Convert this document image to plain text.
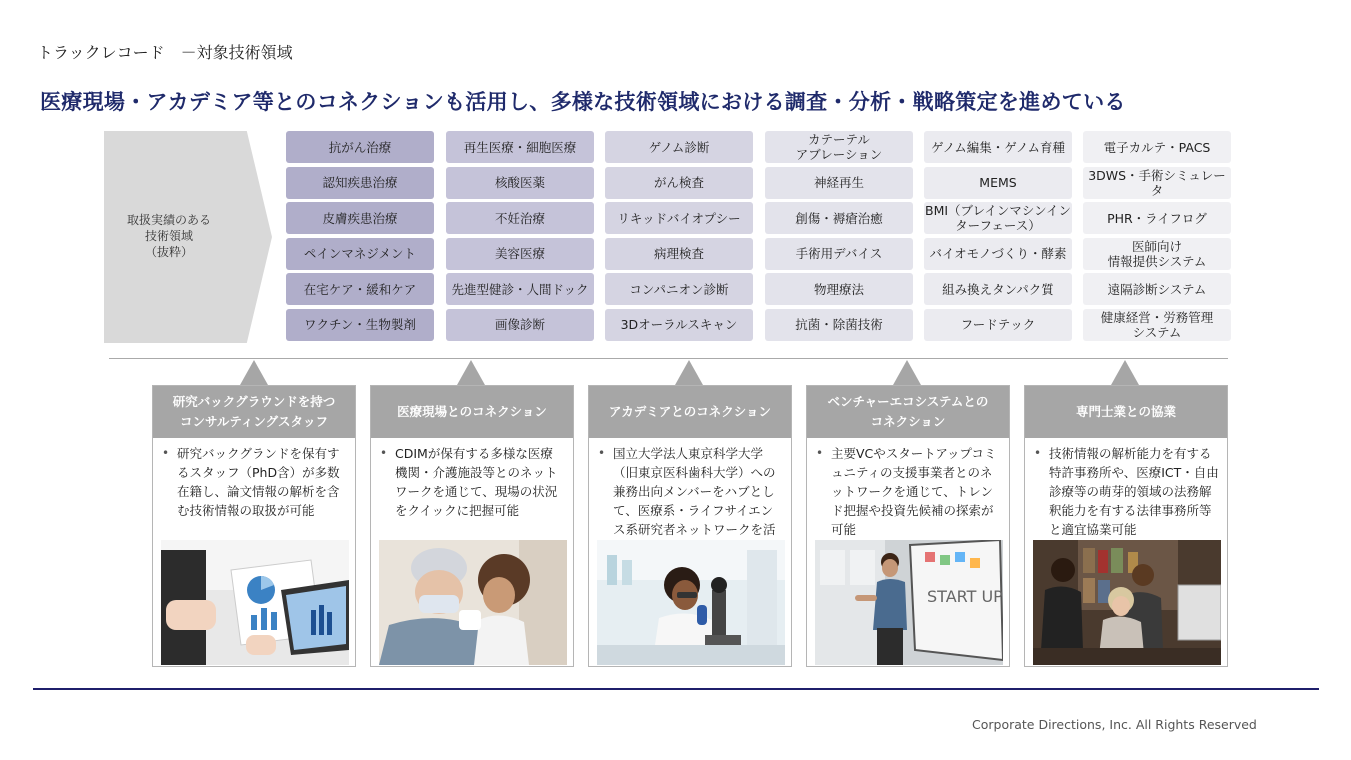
トラックレコード　－対象技術領域
医療現場・アカデミア等とのコネクションも活用し、多様な技術領域における調査・分析・戦略策定を進めている
取扱実績のある
技術領域
（抜粋）
抗がん治療
認知疾患治療
皮膚疾患治療
ペインマネジメント
在宅ケア・緩和ケア
ワクチン・生物製剤
再生医療・細胞医療
核酸医薬
不妊治療
美容医療
先進型健診・人間ドック
画像診断
ゲノム診断
がん検査
リキッドバイオプシー
病理検査
コンパニオン診断
3Dオーラルスキャン
カテーテル
アブレーション
神経再生
創傷・褥瘡治癒
手術用デバイス
物理療法
抗菌・除菌技術
ゲノム編集・ゲノム育種
MEMS
BMI（ブレインマシンイン
ターフェース）
バイオモノづくり・酵素
組み換えタンパク質
フードテック
電子カルテ・PACS
3DWS・手術シミュレータ
PHR・ライフログ
医師向け
情報提供システム
遠隔診断システム
健康経営・労務管理
システム
研究バックグラウンドを持つ
コンサルティングスタッフ
• 研究バックグランドを保有するスタッフ（PhD含）が多数在籍し、論文情報の解析を含む技術情報の取扱が可能
医療現場とのコネクション
• CDIMが保有する多様な医療機関・介護施設等とのネットワークを通じて、現場の状況をクイックに把握可能
アカデミアとのコネクション
• 国立大学法人東京科学大学（旧東京医科歯科大学）への兼務出向メンバーをハブとして、医療系・ライフサイエンス系研究者ネットワークを活
ベンチャーエコシステムとの
コネクション
• 主要VCやスタートアップコミュニティの支援事業者とのネットワークを通じて、トレンド把握や投資先候補の探索が可能
START UP
専門士業との協業
• 技術情報の解析能力を有する特許事務所や、医療ICT・自由診療等の萌芽的領域の法務解釈能力を有する法律事務所等と適宜協業可能
Corporate Directions, Inc. All Rights Reserved
